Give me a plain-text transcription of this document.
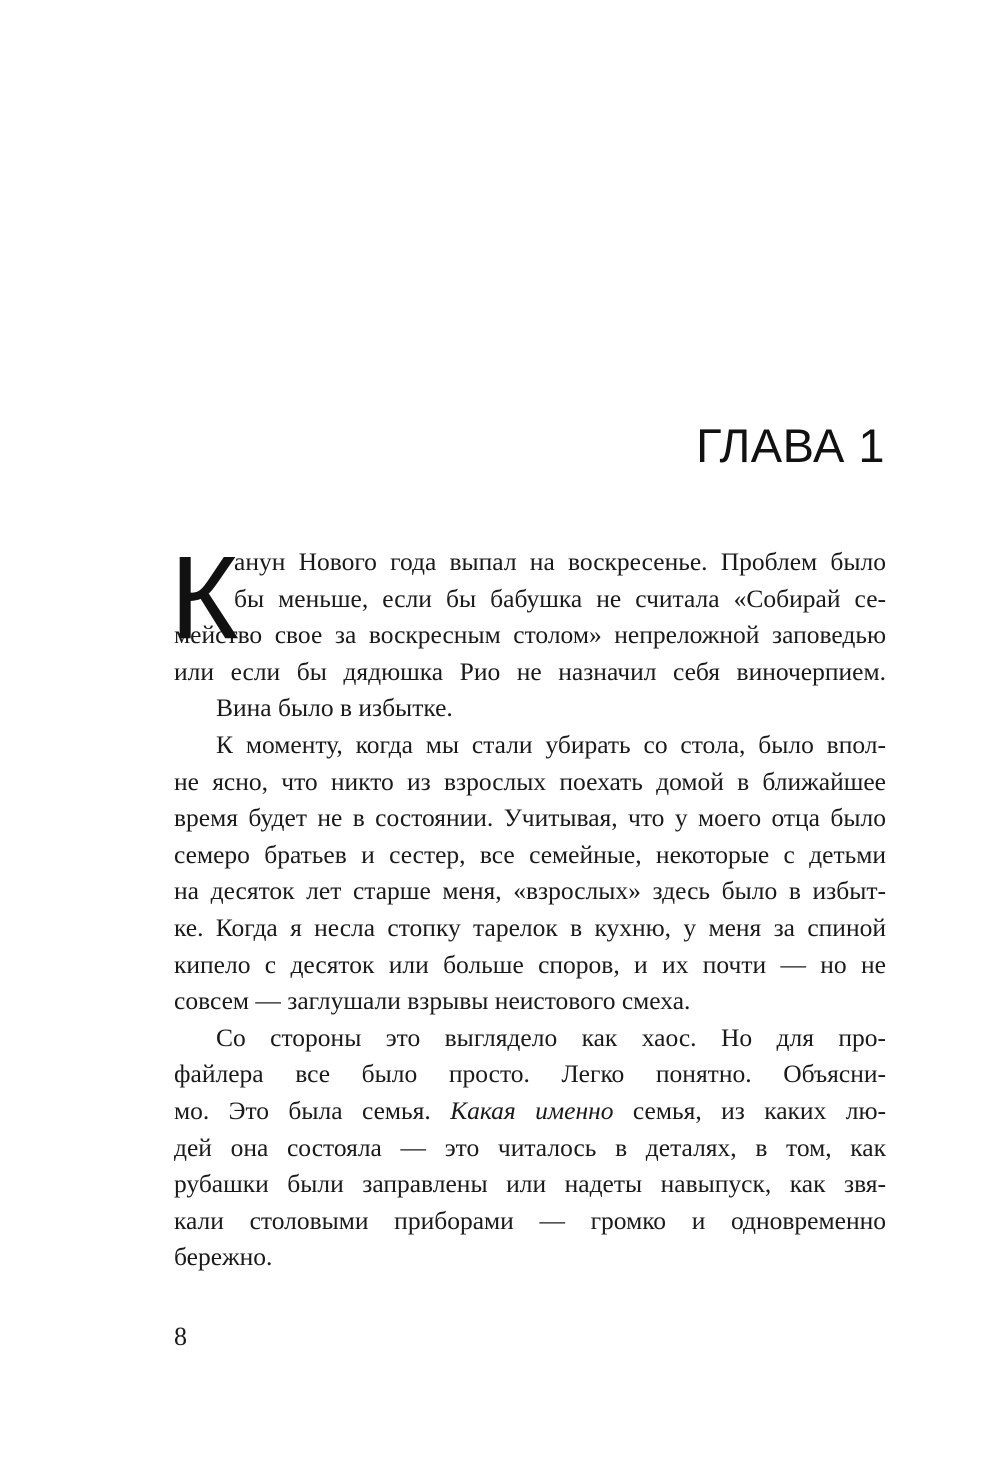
ГЛАВА 1
К
анун Нового года выпал на воскресенье. Проблем было
бы меньше, если бы бабушка не считала «Собирай се-
мейство свое за воскресным столом» непреложной заповедью
или если бы дядюшка Рио не назначил себя виночерпием.
Вина было в избытке.
К моменту, когда мы стали убирать со стола, было впол-
не ясно, что никто из взрослых поехать домой в ближайшее
время будет не в состоянии. Учитывая, что у моего отца было
семеро братьев и сестер, все семейные, некоторые с детьми
на десяток лет старше меня, «взрослых» здесь было в избыт-
ке. Когда я несла стопку тарелок в кухню, у меня за спиной
кипело с десяток или больше споров, и их почти — но не
совсем — заглушали взрывы неистового смеха.
Со стороны это выглядело как хаос. Но для про-
файлера все было просто. Легко понятно. Объясни-
мо. Это была семья. Какая именно семья, из каких лю-
дей она состояла — это читалось в деталях, в том, как
рубашки были заправлены или надеты навыпуск, как звя-
кали столовыми приборами — громко и одновременно
бережно.
8
